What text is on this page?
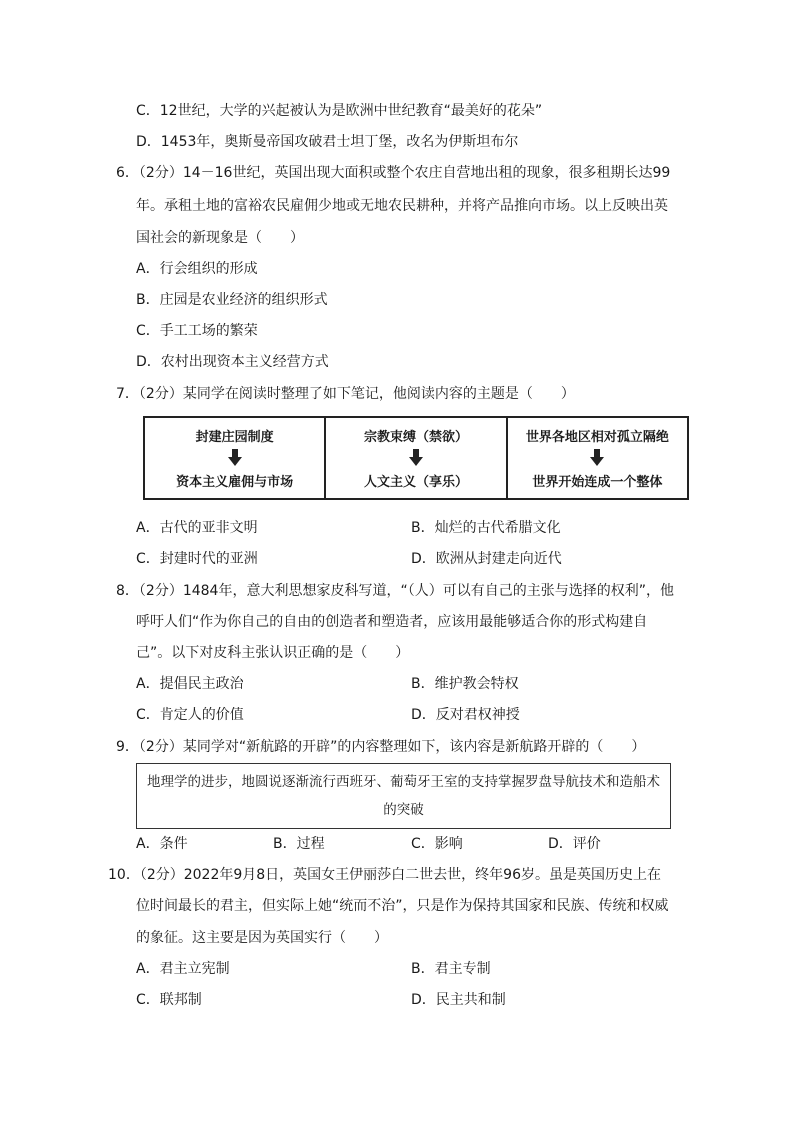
C．12世纪，大学的兴起被认为是欧洲中世纪教育“最美好的花朵”
D．1453年，奥斯曼帝国攻破君士坦丁堡，改名为伊斯坦布尔
6．（2分）14－16世纪，英国出现大面积或整个农庄自营地出租的现象，很多租期长达99
年。承租土地的富裕农民雇佣少地或无地农民耕种，并将产品推向市场。以上反映出英
国社会的新现象是（　　）
A．行会组织的形成
B．庄园是农业经济的组织形式
C．手工工场的繁荣
D．农村出现资本主义经营方式
7．（2分）某同学在阅读时整理了如下笔记，他阅读内容的主题是（　　）
封建庄园制度
资本主义雇佣与市场
宗教束缚（禁欲）
人文主义（享乐）
世界各地区相对孤立隔绝
世界开始连成一个整体
A．古代的亚非文明	B．灿烂的古代希腊文化
C．封建时代的亚洲	D．欧洲从封建走向近代
8．（2分）1484年，意大利思想家皮科写道，“（人）可以有自己的主张与选择的权利”，他
呼吁人们“作为你自己的自由的创造者和塑造者，应该用最能够适合你的形式构建自
己”。以下对皮科主张认识正确的是（　　）
A．提倡民主政治	B．维护教会特权
C．肯定人的价值	D．反对君权神授
9．（2分）某同学对“新航路的开辟”的内容整理如下，该内容是新航路开辟的（　　）
地理学的进步，地圆说逐渐流行西班牙、葡萄牙王室的支持掌握罗盘导航技术和造船术
的突破
A．条件	B．过程	C．影响	D．评价
10．（2分）2022年9月8日，英国女王伊丽莎白二世去世，终年96岁。虽是英国历史上在
位时间最长的君主，但实际上她“统而不治”，只是作为保持其国家和民族、传统和权威
的象征。这主要是因为英国实行（　　）
A．君主立宪制	B．君主专制
C．联邦制	D．民主共和制
